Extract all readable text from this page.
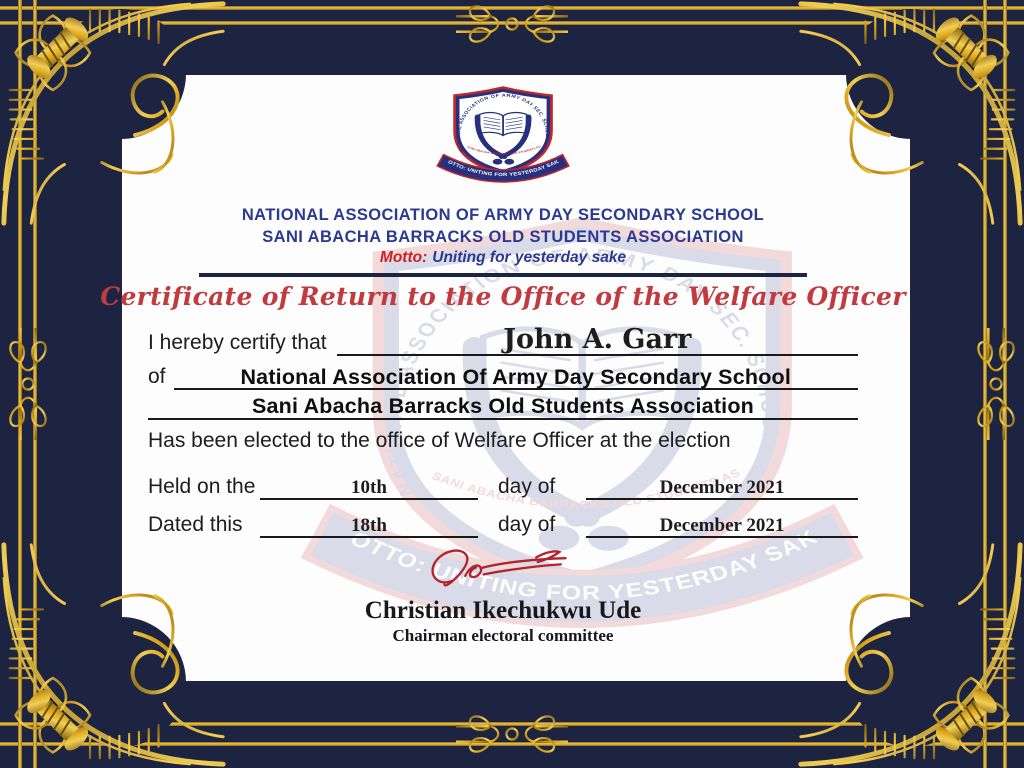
NATIONAL ASSOCIATION OF ARMY DAY SECONDARY SCHOOL
SANI ABACHA BARRACKS OLD STUDENTS ASSOCIATION
Motto: Uniting for yesterday sake
Certificate of Return to the Office of the Welfare Officer
I hereby certify that	John A. Garr
of	National Association Of Army Day Secondary School
Sani Abacha Barracks Old Students Association
Has been elected to the office of Welfare Officer at the election
Held on the	10th	day of	December 2021
Dated this	18th	day of	December 2021
Christian Ikechukwu Ude
Chairman electoral committee
